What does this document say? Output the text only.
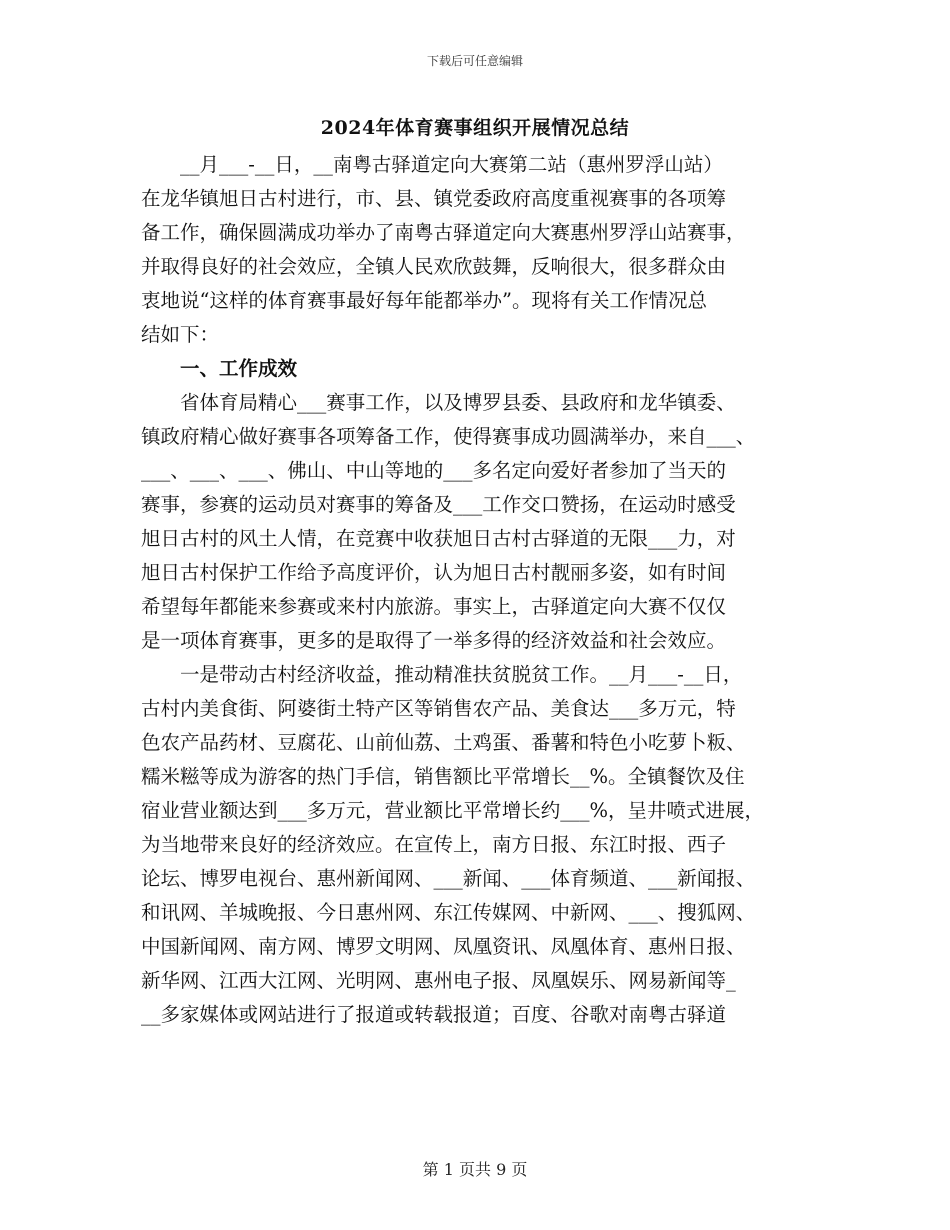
下载后可任意编辑
2024年体育赛事组织开展情况总结
　　__月___-__日，__南粤古驿道定向大赛第二站（惠州罗浮山站）
在龙华镇旭日古村进行，市、县、镇党委政府高度重视赛事的各项筹
备工作，确保圆满成功举办了南粤古驿道定向大赛惠州罗浮山站赛事，
并取得良好的社会效应，全镇人民欢欣鼓舞，反响很大，很多群众由
衷地说“这样的体育赛事最好每年能都举办”。现将有关工作情况总
结如下：
　　一、工作成效
　　省体育局精心___赛事工作，以及博罗县委、县政府和龙华镇委、
镇政府精心做好赛事各项筹备工作，使得赛事成功圆满举办，来自___、
___、___、___、佛山、中山等地的___多名定向爱好者参加了当天的
赛事，参赛的运动员对赛事的筹备及___工作交口赞扬，在运动时感受
旭日古村的风土人情，在竞赛中收获旭日古村古驿道的无限___力，对
旭日古村保护工作给予高度评价，认为旭日古村靓丽多姿，如有时间
希望每年都能来参赛或来村内旅游。事实上，古驿道定向大赛不仅仅
是一项体育赛事，更多的是取得了一举多得的经济效益和社会效应。
　　一是带动古村经济收益，推动精准扶贫脱贫工作。__月___-__日，
古村内美食街、阿婆街土特产区等销售农产品、美食达___多万元，特
色农产品药材、豆腐花、山前仙荔、土鸡蛋、番薯和特色小吃萝卜粄、
糯米糍等成为游客的热门手信，销售额比平常增长__%。全镇餐饮及住
宿业营业额达到___多万元，营业额比平常增长约___%，呈井喷式进展，
为当地带来良好的经济效应。在宣传上，南方日报、东江时报、西子
论坛、博罗电视台、惠州新闻网、___新闻、___体育频道、___新闻报、
和讯网、羊城晚报、今日惠州网、东江传媒网、中新网、___、搜狐网、
中国新闻网、南方网、博罗文明网、凤凰资讯、凤凰体育、惠州日报、
新华网、江西大江网、光明网、惠州电子报、凤凰娱乐、网易新闻等_
__多家媒体或网站进行了报道或转载报道；百度、谷歌对南粤古驿道
第 1 页共 9 页
